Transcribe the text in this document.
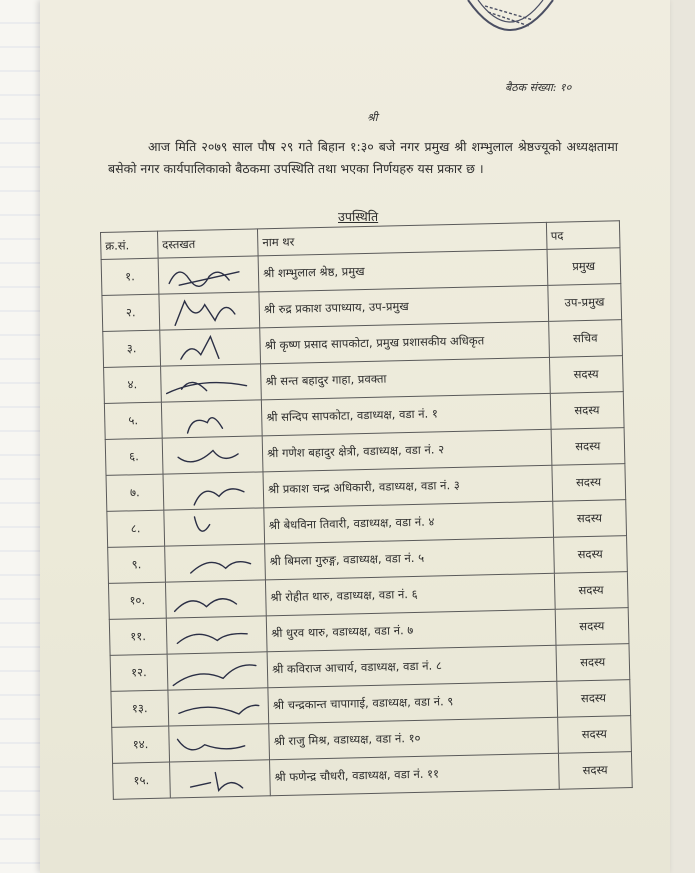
बैठक संख्या: १०
श्री
आज मिति २०७९ साल पौष २९ गते बिहान १:३० बजे नगर प्रमुख श्री शम्भुलाल श्रेष्ठज्यूको अध्यक्षतामा बसेको नगर कार्यपालिकाको बैठकमा उपस्थिति तथा भएका निर्णयहरु यस प्रकार छ ।
उपस्थिति
क्र.सं.	दस्तखत	नाम थर	पद
१.		श्री शम्भुलाल श्रेष्ठ, प्रमुख	प्रमुख
२.		श्री रुद्र प्रकाश उपाध्याय, उप-प्रमुख	उप-प्रमुख
३.		श्री कृष्ण प्रसाद सापकोटा, प्रमुख प्रशासकीय अधिकृत	सचिव
४.		श्री सन्त बहादुर गाहा, प्रवक्ता	सदस्य
५.		श्री सन्दिप सापकोटा, वडाध्यक्ष, वडा नं. १	सदस्य
६.		श्री गणेश बहादुर क्षेत्री, वडाध्यक्ष, वडा नं. २	सदस्य
७.		श्री प्रकाश चन्द्र अधिकारी, वडाध्यक्ष, वडा नं. ३	सदस्य
८.		श्री बेधविना तिवारी, वडाध्यक्ष, वडा नं. ४	सदस्य
९.		श्री बिमला गुरुङ्ग, वडाध्यक्ष, वडा नं. ५	सदस्य
१०.		श्री रोहीत थारु, वडाध्यक्ष, वडा नं. ६	सदस्य
११.		श्री धुरव थारु, वडाध्यक्ष, वडा नं. ७	सदस्य
१२.		श्री कविराज आचार्य, वडाध्यक्ष, वडा नं. ८	सदस्य
१३.		श्री चन्द्रकान्त चापागाई, वडाध्यक्ष, वडा नं. ९	सदस्य
१४.		श्री राजु मिश्र, वडाध्यक्ष, वडा नं. १०	सदस्य
१५.		श्री फणेन्द्र चौधरी, वडाध्यक्ष, वडा नं. ११	सदस्य
